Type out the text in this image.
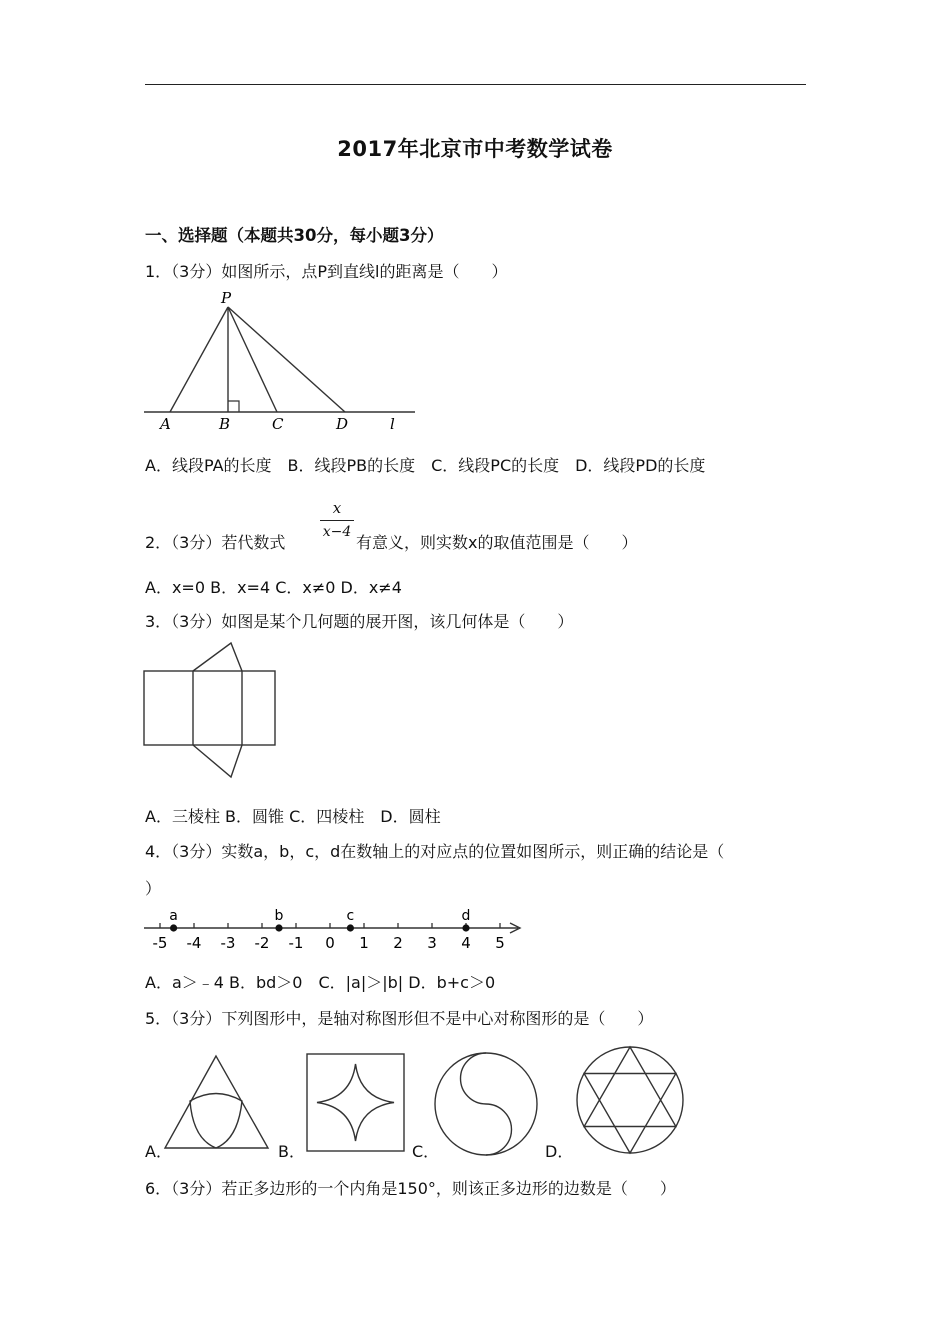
2017年北京市中考数学试卷
一、选择题（本题共30分，每小题3分）
1．（3分）如图所示，点P到直线l的距离是（　　）
P
A	B	C	D	l
A．线段PA的长度　B．线段PB的长度　C．线段PC的长度　D．线段PD的长度
2．（3分）若代数式
x
x−4
有意义，则实数x的取值范围是（　　）
A．x=0 B．x=4 C．x≠0 D．x≠4
3．（3分）如图是某个几何题的展开图，该几何体是（　　）
A．三棱柱 B．圆锥 C．四棱柱　D．圆柱
4．（3分）实数a，b，c，d在数轴上的对应点的位置如图所示，则正确的结论是（
）
-5 -4 -3 -2 -1 0 1 2 3 4 5
a	b	c	d
A．a＞﹣4 B．bd＞0　C．|a|＞|b| D．b+c＞0
5．（3分）下列图形中，是轴对称图形但不是中心对称图形的是（　　）
A．	B．	C．	D．
6．（3分）若正多边形的一个内角是150°，则该正多边形的边数是（　　）
